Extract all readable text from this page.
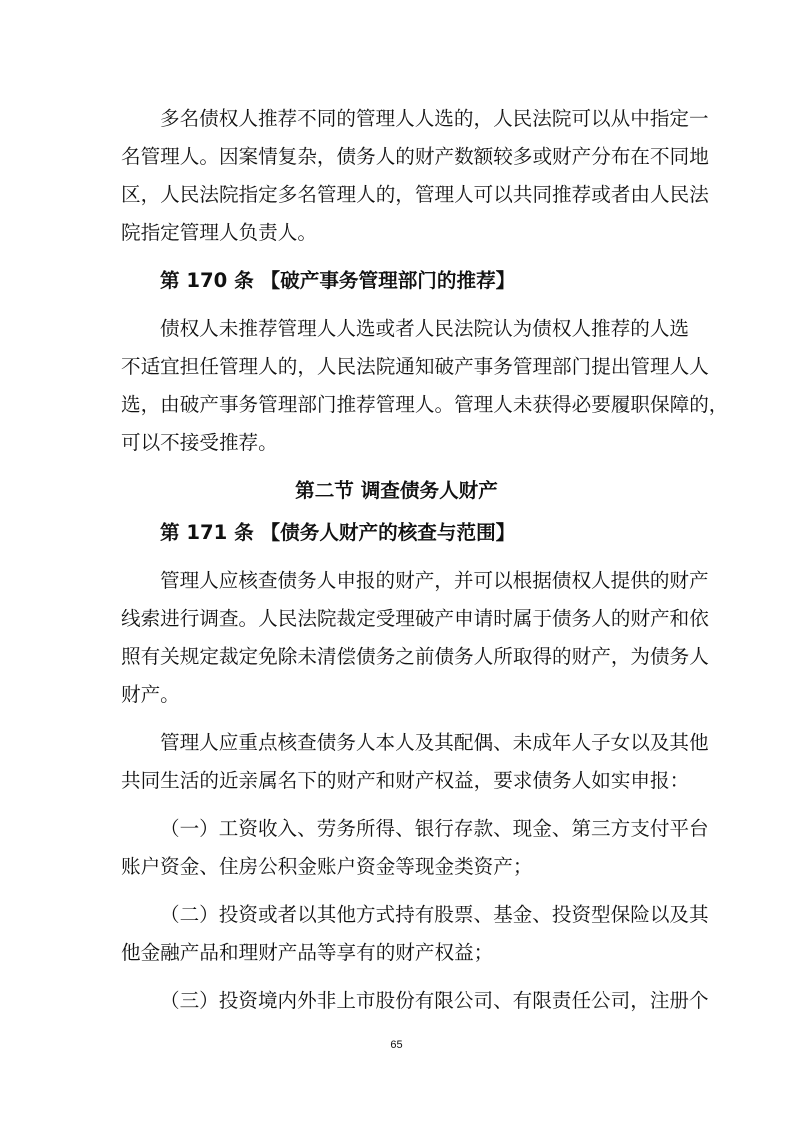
多名债权人推荐不同的管理人人选的，人民法院可以从中指定一
名管理人。因案情复杂，债务人的财产数额较多或财产分布在不同地
区，人民法院指定多名管理人的，管理人可以共同推荐或者由人民法
院指定管理人负责人。
第 170 条 【破产事务管理部门的推荐】
债权人未推荐管理人人选或者人民法院认为债权人推荐的人选
不适宜担任管理人的，人民法院通知破产事务管理部门提出管理人人
选，由破产事务管理部门推荐管理人。管理人未获得必要履职保障的，
可以不接受推荐。
第二节 调查债务人财产
第 171 条 【债务人财产的核查与范围】
管理人应核查债务人申报的财产，并可以根据债权人提供的财产
线索进行调查。人民法院裁定受理破产申请时属于债务人的财产和依
照有关规定裁定免除未清偿债务之前债务人所取得的财产，为债务人
财产。
管理人应重点核查债务人本人及其配偶、未成年人子女以及其他
共同生活的近亲属名下的财产和财产权益，要求债务人如实申报：
（一）工资收入、劳务所得、银行存款、现金、第三方支付平台
账户资金、住房公积金账户资金等现金类资产；
（二）投资或者以其他方式持有股票、基金、投资型保险以及其
他金融产品和理财产品等享有的财产权益；
（三）投资境内外非上市股份有限公司、有限责任公司，注册个
65
